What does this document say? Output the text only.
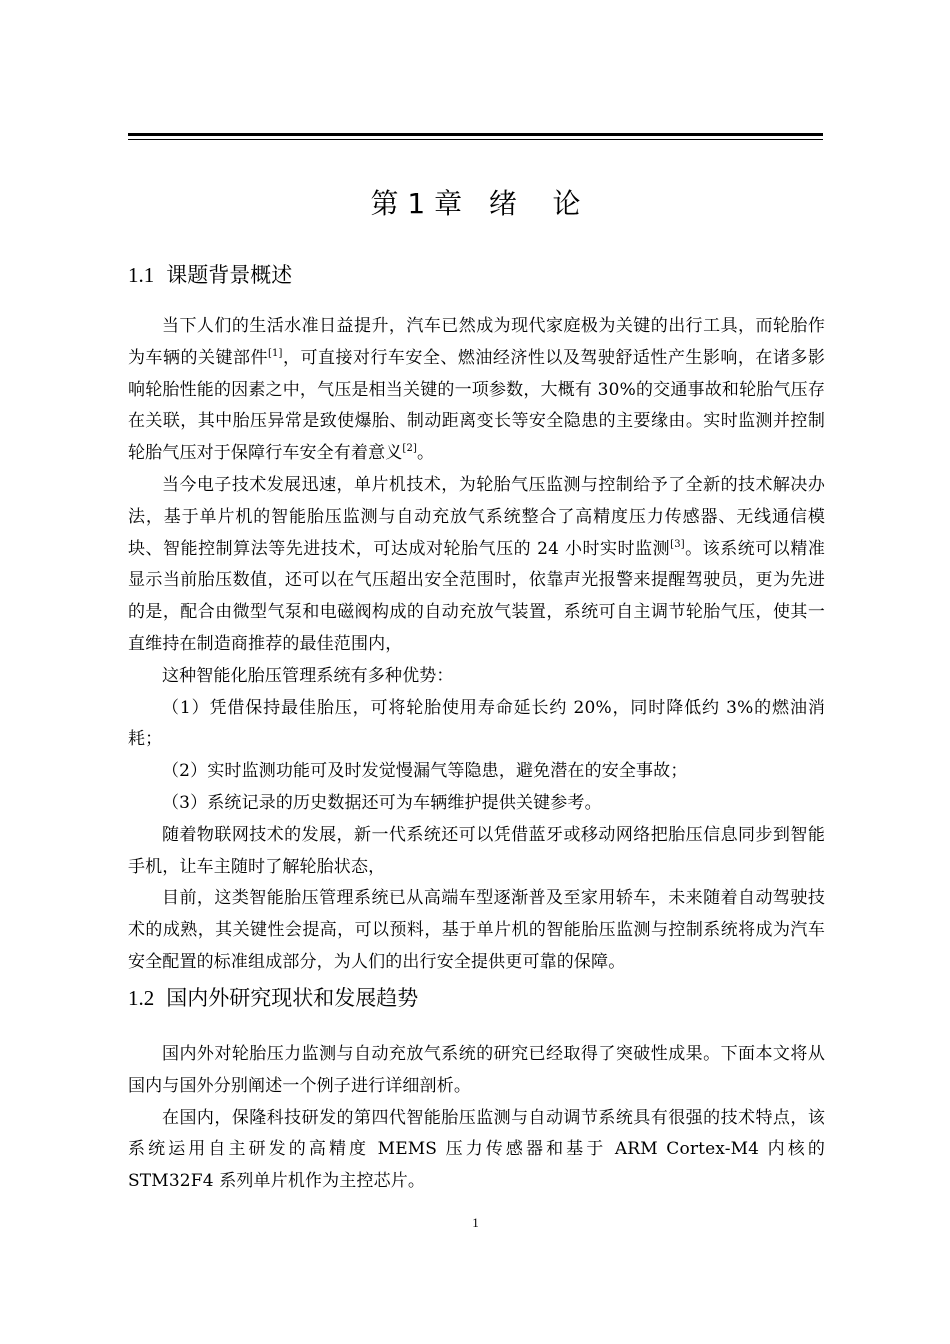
第 1 章   绪    论
1.1 课题背景概述

当下人们的生活水准日益提升，汽车已然成为现代家庭极为关键的出行工具，而轮胎作为车辆的关键部件[1]，可直接对行车安全、燃油经济性以及驾驶舒适性产生影响，在诸多影响轮胎性能的因素之中，气压是相当关键的一项参数，大概有 30%的交通事故和轮胎气压存在关联，其中胎压异常是致使爆胎、制动距离变长等安全隐患的主要缘由。实时监测并控制轮胎气压对于保障行车安全有着意义[2]。

当今电子技术发展迅速，单片机技术，为轮胎气压监测与控制给予了全新的技术解决办法，基于单片机的智能胎压监测与自动充放气系统整合了高精度压力传感器、无线通信模块、智能控制算法等先进技术，可达成对轮胎气压的 24 小时实时监测[3]。该系统可以精准显示当前胎压数值，还可以在气压超出安全范围时，依靠声光报警来提醒驾驶员，更为先进的是，配合由微型气泵和电磁阀构成的自动充放气装置，系统可自主调节轮胎气压，使其一直维持在制造商推荐的最佳范围内，

这种智能化胎压管理系统有多种优势：

（1）凭借保持最佳胎压，可将轮胎使用寿命延长约 20%，同时降低约 3%的燃油消耗；

（2）实时监测功能可及时发觉慢漏气等隐患，避免潜在的安全事故；

（3）系统记录的历史数据还可为车辆维护提供关键参考。

随着物联网技术的发展，新一代系统还可以凭借蓝牙或移动网络把胎压信息同步到智能手机，让车主随时了解轮胎状态，

目前，这类智能胎压管理系统已从高端车型逐渐普及至家用轿车，未来随着自动驾驶技术的成熟，其关键性会提高，可以预料，基于单片机的智能胎压监测与控制系统将成为汽车安全配置的标准组成部分，为人们的出行安全提供更可靠的保障。

1.2 国内外研究现状和发展趋势

国内外对轮胎压力监测与自动充放气系统的研究已经取得了突破性成果。下面本文将从国内与国外分别阐述一个例子进行详细剖析。

在国内，保隆科技研发的第四代智能胎压监测与自动调节系统具有很强的技术特点，该系统运用自主研发的高精度 MEMS 压力传感器和基于 ARM Cortex-M4 内核的 STM32F4 系列单片机作为主控芯片。

1
